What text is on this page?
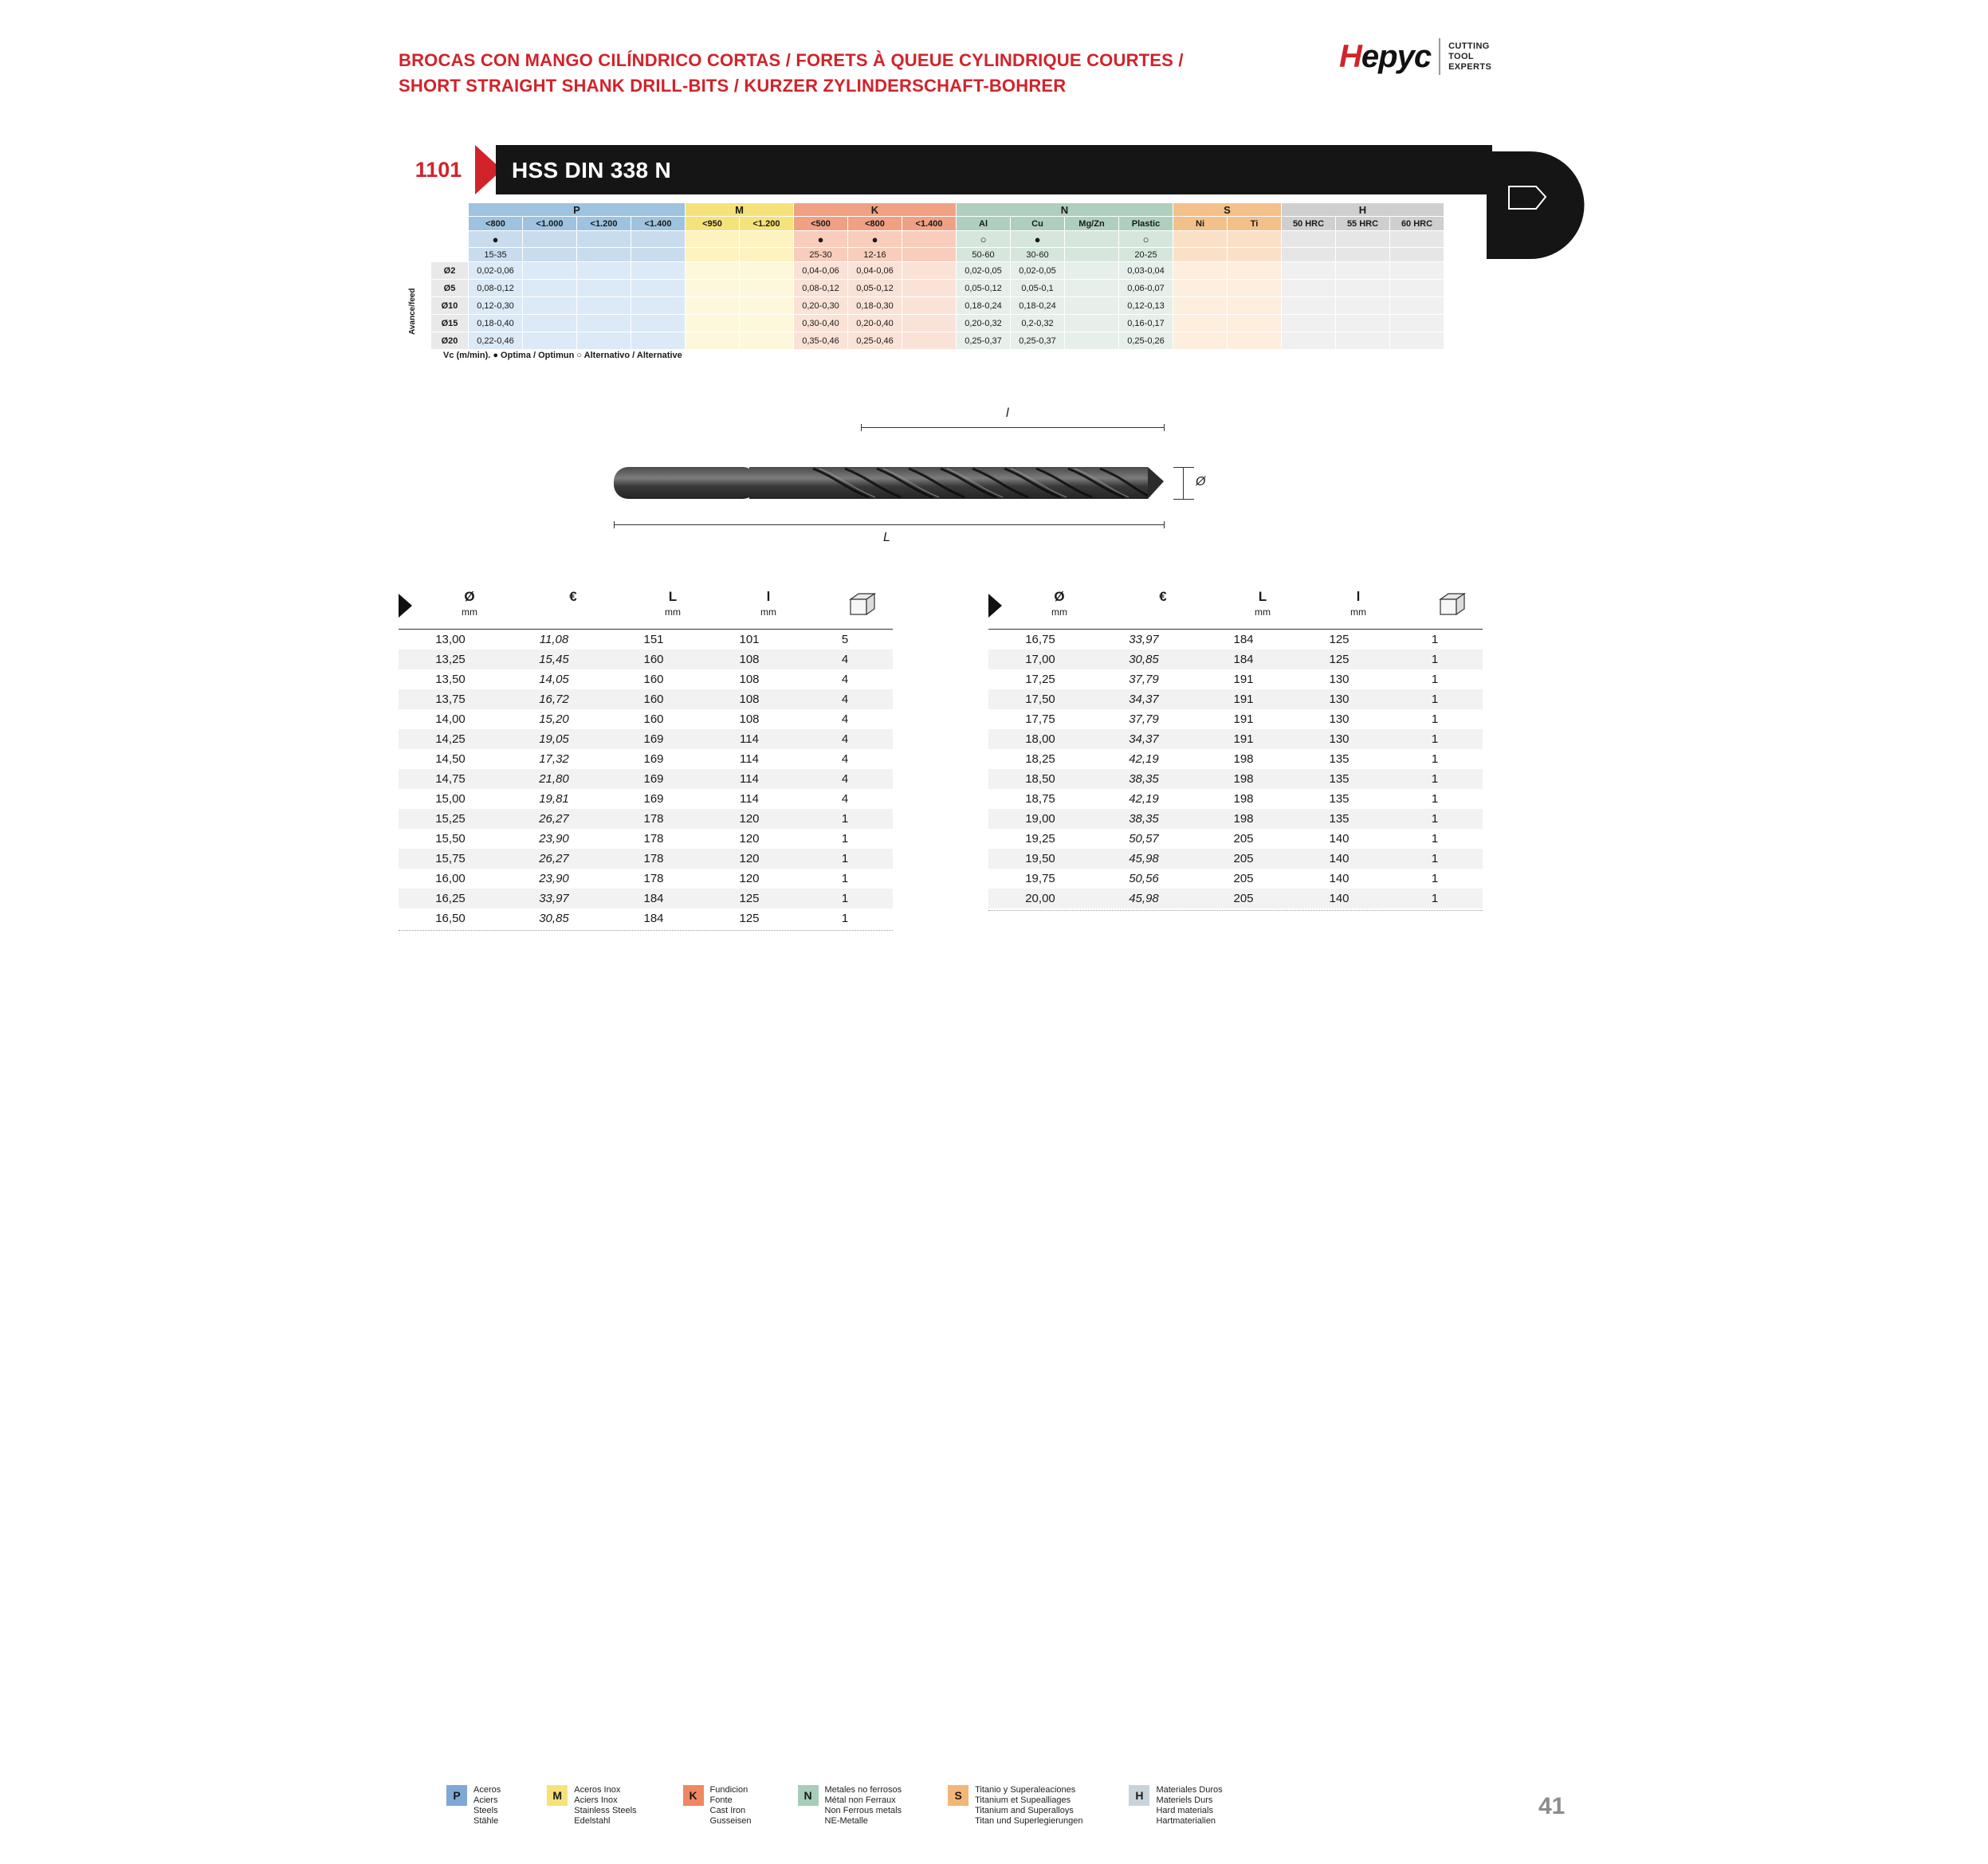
BROCAS CON MANGO CILÍNDRICO CORTAS / FORETS À QUEUE CYLINDRIQUE COURTES /
SHORT STRAIGHT SHANK DRILL-BITS / KURZER ZYLINDERSCHAFT-BOHRER
Hepyc CUTTING
TOOL
EXPERTS
1101 HSS DIN 338 N
118°	30°
Avance/feed
	P				M		K			N				S		H		
	<800	<1.000	<1.200	<1.400	<950	<1.200	<500	<800	<1.400	Al	Cu	Mg/Zn	Plastic	Ni	Ti	50 HRC	55 HRC	60 HRC
	●						●	●		○	●		○					
	15-35						25-30	12-16		50-60	30-60		20-25					
Ø2	0,02-0,06						0,04-0,06	0,04-0,06		0,02-0,05	0,02-0,05		0,03-0,04					
Ø5	0,08-0,12						0,08-0,12	0,05-0,12		0,05-0,12	0,05-0,1		0,06-0,07					
Ø10	0,12-0,30						0,20-0,30	0,18-0,30		0,18-0,24	0,18-0,24		0,12-0,13					
Ø15	0,18-0,40						0,30-0,40	0,20-0,40		0,20-0,32	0,2-0,32		0,16-0,17					
Ø20	0,22-0,46						0,35-0,46	0,25-0,46		0,25-0,37	0,25-0,37		0,25-0,26					
Vc (m/min). ● Optima / Optimun ○ Alternativo / Alternative
l
Ø
L
Ø
mm
€	L
mm
l
mm
13,00	11,08	151	101	5
13,25	15,45	160	108	4
13,50	14,05	160	108	4
13,75	16,72	160	108	4
14,00	15,20	160	108	4
14,25	19,05	169	114	4
14,50	17,32	169	114	4
14,75	21,80	169	114	4
15,00	19,81	169	114	4
15,25	26,27	178	120	1
15,50	23,90	178	120	1
15,75	26,27	178	120	1
16,00	23,90	178	120	1
16,25	33,97	184	125	1
16,50	30,85	184	125	1
Ø
mm
€	L
mm
l
mm
16,75	33,97	184	125	1
17,00	30,85	184	125	1
17,25	37,79	191	130	1
17,50	34,37	191	130	1
17,75	37,79	191	130	1
18,00	34,37	191	130	1
18,25	42,19	198	135	1
18,50	38,35	198	135	1
18,75	42,19	198	135	1
19,00	38,35	198	135	1
19,25	50,57	205	140	1
19,50	45,98	205	140	1
19,75	50,56	205	140	1
20,00	45,98	205	140	1
P	Aceros
Aciers
Steels
Stähle
M	Aceros Inox
Aciers Inox
Stainless Steels
Edelstahl
K	Fundicion
Fonte
Cast Iron
Gusseisen
N	Metales no ferrosos
Métal non Ferraux
Non Ferrous metals
NE-Metalle
S	Titanio y Superaleaciones
Titanium et Supealliages
Titanium and Superalloys
Titan und Superlegierungen
H	Materiales Duros
Materiels Durs
Hard materials
Hartmaterialien
41
